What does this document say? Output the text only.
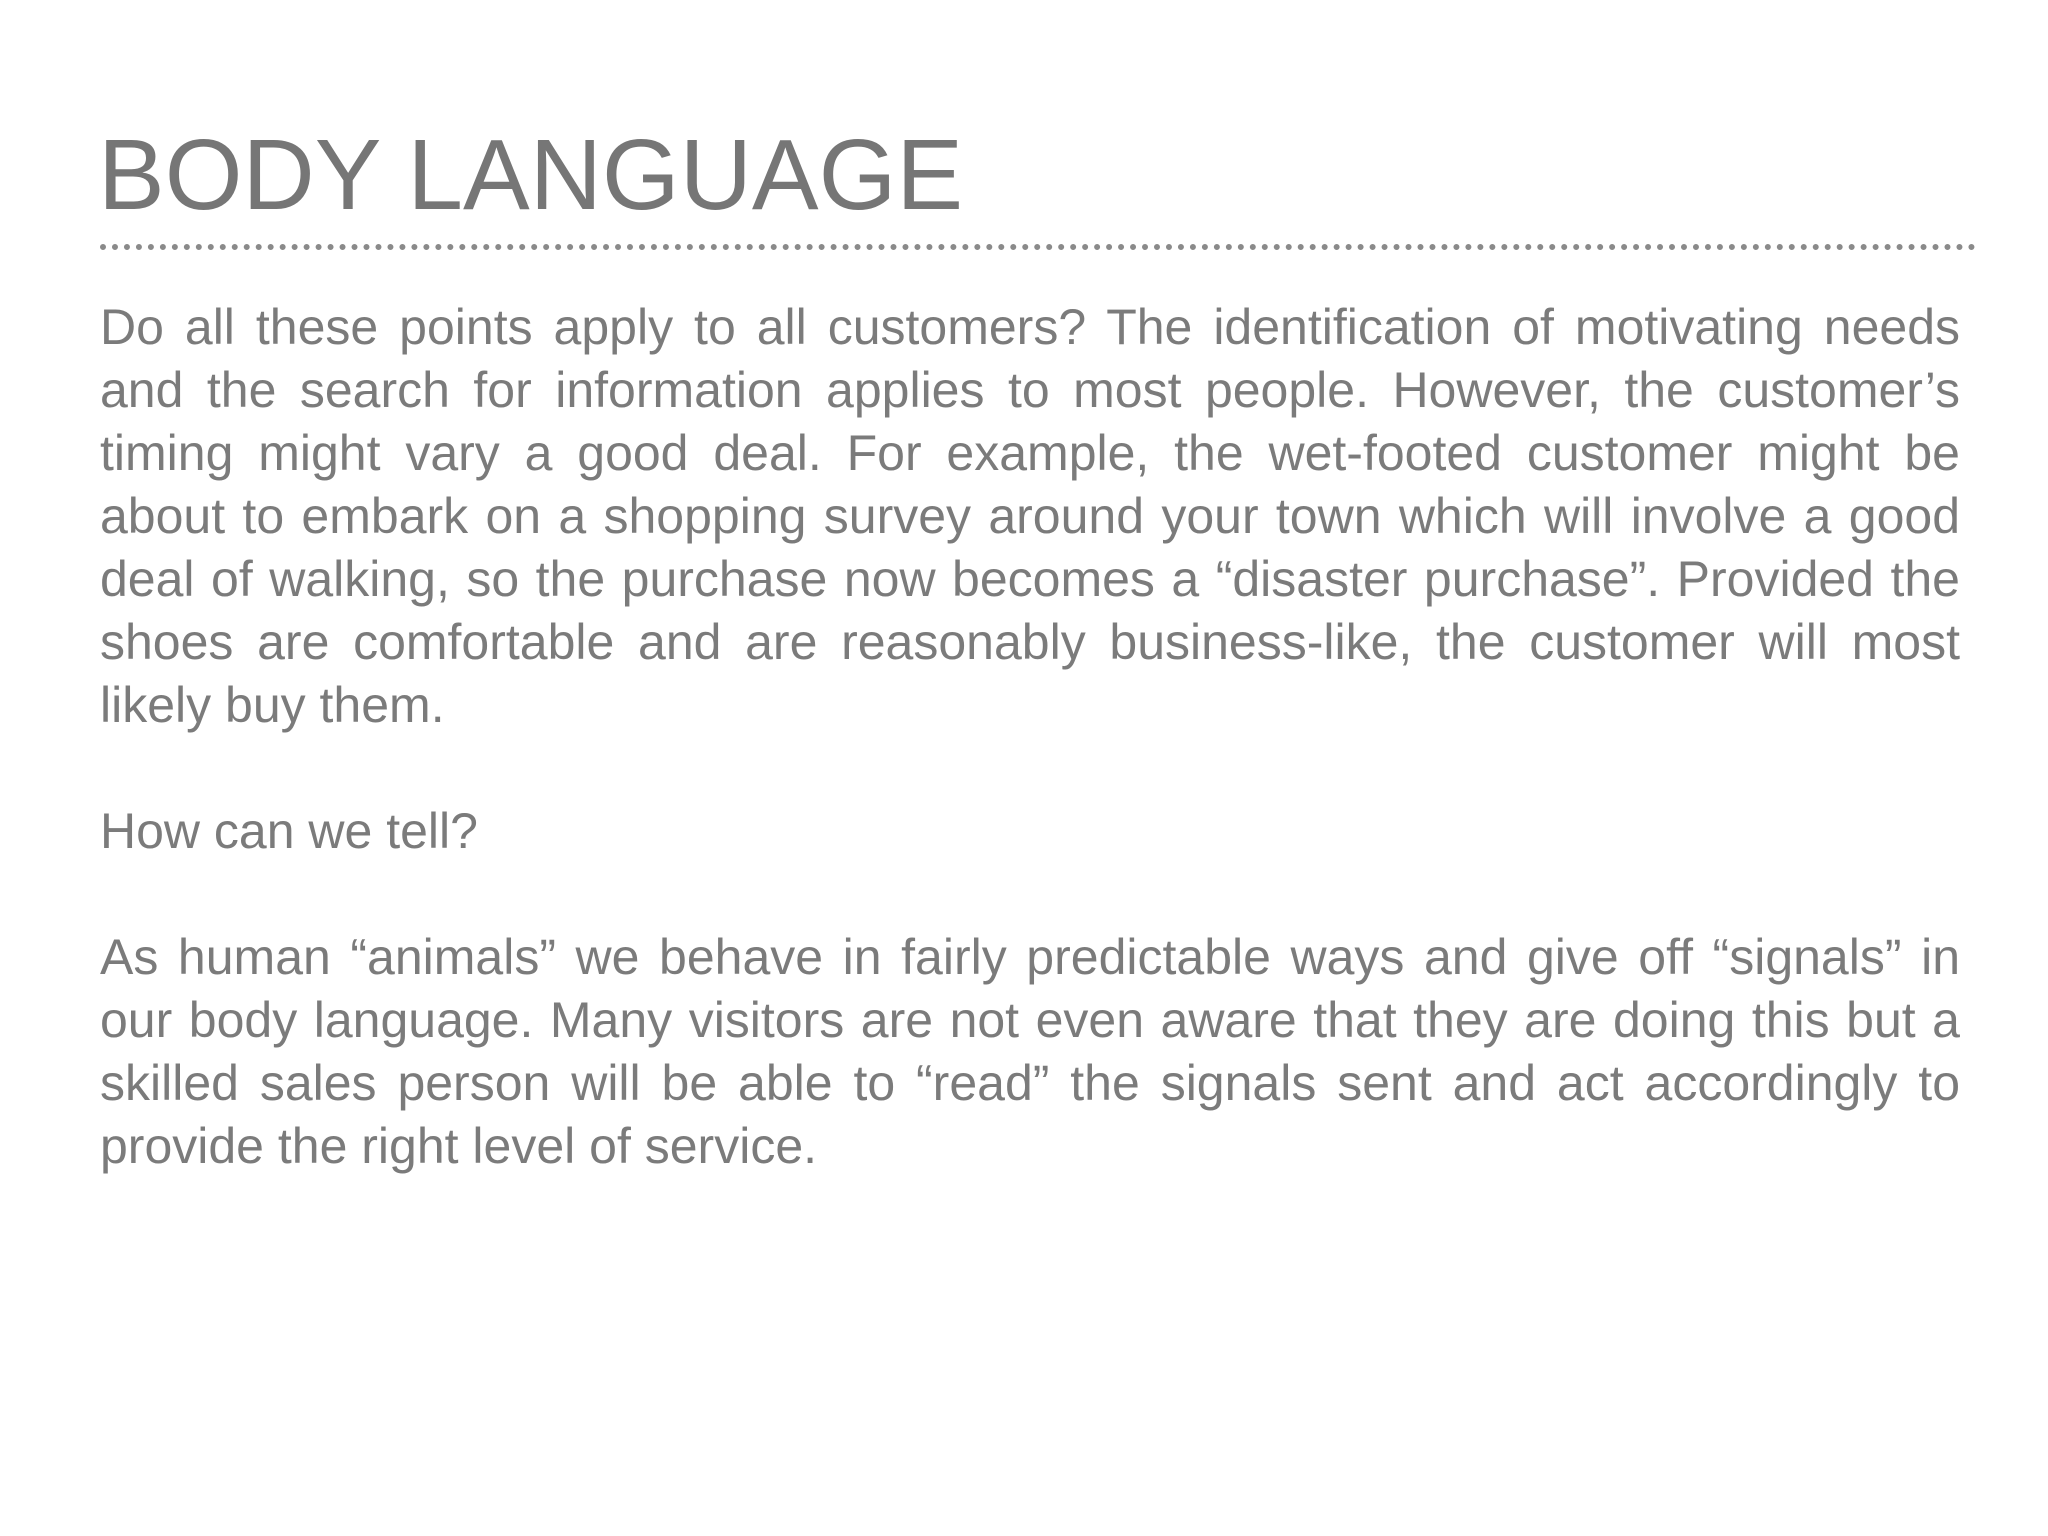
BODY LANGUAGE

Do all these points apply to all customers? The identification of motivating needs and the search for information applies to most people. However, the customer’s timing might vary a good deal. For example, the wet-footed customer might be about to embark on a shopping survey around your town which will involve a good deal of walking, so the purchase now becomes a “disaster purchase”. Provided the shoes are comfortable and are reasonably business-like, the customer will most likely buy them.

How can we tell?

As human “animals” we behave in fairly predictable ways and give off “signals” in our body language. Many visitors are not even aware that they are doing this but a skilled sales person will be able to “read” the signals sent and act accordingly to provide the right level of service.
